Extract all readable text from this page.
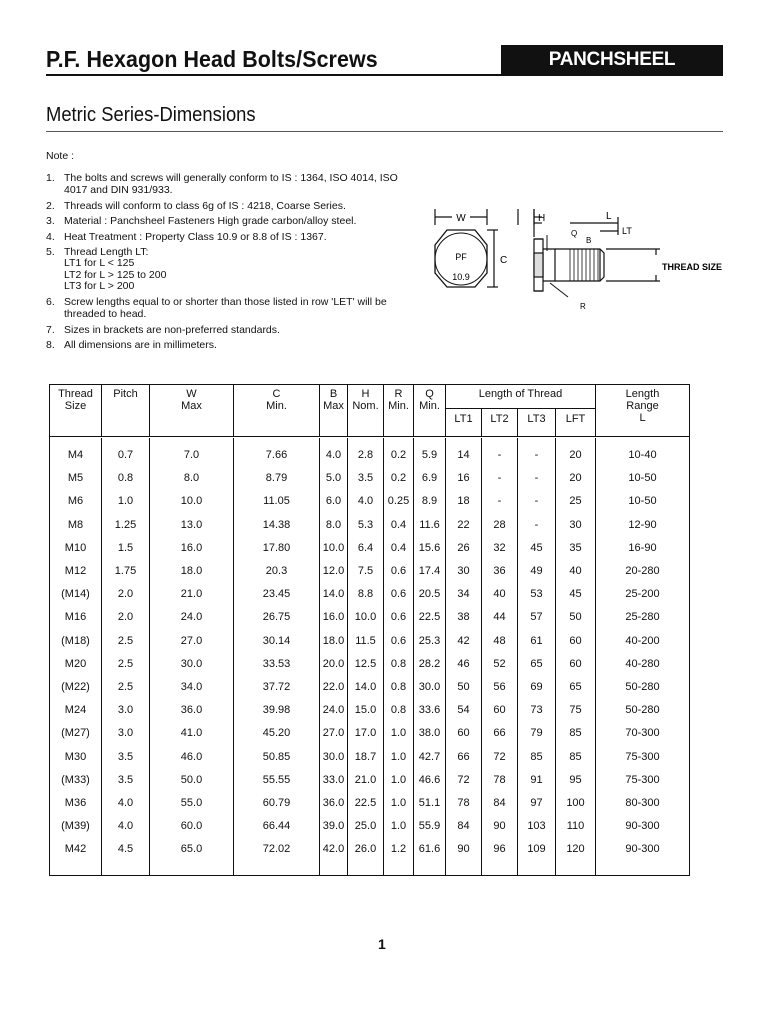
P.F. Hexagon Head Bolts/Screws	PANCHSHEEL FASTENERS
Metric Series-Dimensions
Note :
1. The bolts and screws will generally conform to IS : 1364, ISO 4014, ISO 4017 and DIN 931/933.
2. Threads will conform to class 6g of IS : 4218, Coarse Series.
3. Material : Panchsheel Fasteners High grade carbon/alloy steel.
4. Heat Treatment : Property Class 10.9 or 8.8 of IS : 1367.
5. Thread Length LT:
LT1 for L < 125
LT2 for L > 125 to 200
LT3 for L > 200
6. Screw lengths equal to or shorter than those listed in row 'LET' will be threaded to head.
7. Sizes in brackets are non-preferred standards.
8. All dimensions are in millimeters.
W
C
PF
10.9
H	L
LT
Q
B
R
THREAD SIZE
Thread Size	Pitch	W Max	C Min.	B Max	H Nom.	R Min.	Q Min.	Length of Thread				Length Range L
								LT1	LT2	LT3	LFT	

M4	0.7	7.0	7.66	4.0	2.8	0.2	5.9	14	-	-	20	10-40
M5	0.8	8.0	8.79	5.0	3.5	0.2	6.9	16	-	-	20	10-50
M6	1.0	10.0	11.05	6.0	4.0	0.25	8.9	18	-	-	25	10-50
M8	1.25	13.0	14.38	8.0	5.3	0.4	11.6	22	28	-	30	12-90
M10	1.5	16.0	17.80	10.0	6.4	0.4	15.6	26	32	45	35	16-90
M12	1.75	18.0	20.3	12.0	7.5	0.6	17.4	30	36	49	40	20-280
(M14)	2.0	21.0	23.45	14.0	8.8	0.6	20.5	34	40	53	45	25-200
M16	2.0	24.0	26.75	16.0	10.0	0.6	22.5	38	44	57	50	25-280
(M18)	2.5	27.0	30.14	18.0	11.5	0.6	25.3	42	48	61	60	40-200
M20	2.5	30.0	33.53	20.0	12.5	0.8	28.2	46	52	65	60	40-280
(M22)	2.5	34.0	37.72	22.0	14.0	0.8	30.0	50	56	69	65	50-280
M24	3.0	36.0	39.98	24.0	15.0	0.8	33.6	54	60	73	75	50-280
(M27)	3.0	41.0	45.20	27.0	17.0	1.0	38.0	60	66	79	85	70-300
M30	3.5	46.0	50.85	30.0	18.7	1.0	42.7	66	72	85	85	75-300
(M33)	3.5	50.0	55.55	33.0	21.0	1.0	46.6	72	78	91	95	75-300
M36	4.0	55.0	60.79	36.0	22.5	1.0	51.1	78	84	97	100	80-300
(M39)	4.0	60.0	66.44	39.0	25.0	1.0	55.9	84	90	103	110	90-300
M42	4.5	65.0	72.02	42.0	26.0	1.2	61.6	90	96	109	120	90-300

1
